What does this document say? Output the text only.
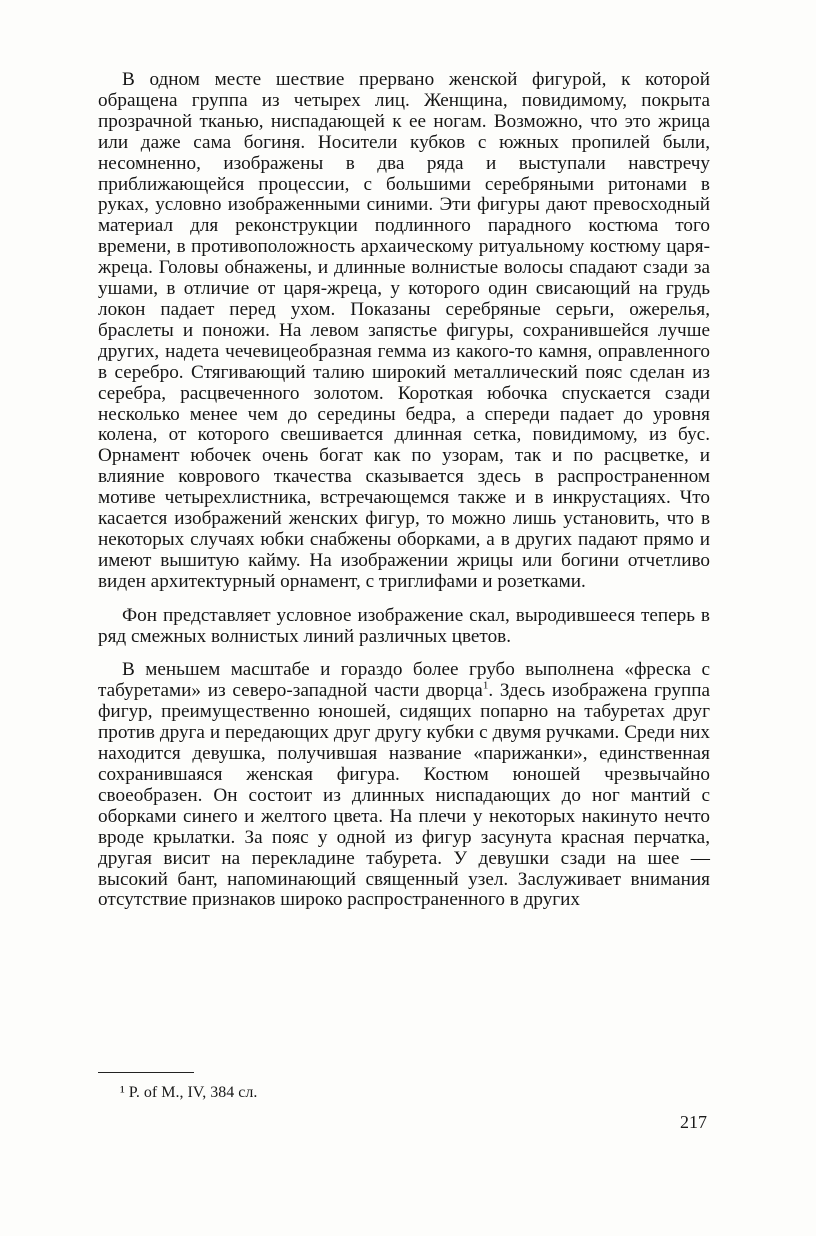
В одном месте шествие прервано женской фигурой, к которой обращена группа из четырех лиц. Женщина, повидимому, покрыта прозрачной тканью, ниспадающей к ее ногам. Возможно, что это жрица или даже сама богиня. Носители кубков с южных пропилей были, несомненно, изображены в два ряда и выступали навстречу приближающейся процессии, с большими серебряными ритонами в руках, условно изображенными синими. Эти фигуры дают превосходный материал для реконструкции подлинного парадного костюма того времени, в противоположность архаическому ритуальному костюму царя-жреца. Головы обнажены, и длинные волнистые волосы спадают сзади за ушами, в отличие от царя-жреца, у которого один свисающий на грудь локон падает перед ухом. Показаны серебряные серьги, ожерелья, браслеты и поножи. На левом запястье фигуры, сохранившейся лучше других, надета чечевицеобразная гемма из какого-то камня, оправленного в серебро. Стягивающий талию широкий металлический пояс сделан из серебра, расцвеченного золотом. Короткая юбочка спускается сзади несколько менее чем до середины бедра, а спереди падает до уровня колена, от которого свешивается длинная сетка, повидимому, из бус. Орнамент юбочек очень богат как по узорам, так и по расцветке, и влияние коврового ткачества сказывается здесь в распространенном мотиве четырехлистника, встречающемся также и в инкрустациях. Что касается изображений женских фигур, то можно лишь установить, что в некоторых случаях юбки снабжены оборками, а в других падают прямо и имеют вышитую кайму. На изображении жрицы или богини отчетливо виден архитектурный орнамент, с триглифами и розетками.

Фон представляет условное изображение скал, выродившееся теперь в ряд смежных волнистых линий различных цветов.

В меньшем масштабе и гораздо более грубо выполнена «фреска с табуретами» из северо-западной части дворца$^1$. Здесь изображена группа фигур, преимущественно юношей, сидящих попарно на табуретах друг против друга и передающих друг другу кубки с двумя ручками. Среди них находится девушка, получившая название «парижанки», единственная сохранившаяся женская фигура. Костюм юношей чрезвычайно своеобразен. Он состоит из длинных ниспадающих до ног мантий с оборками синего и желтого цвета. На плечи у некоторых накинуто нечто вроде крылатки. За пояс у одной из фигур засунута красная перчатка, другая висит на перекладине табурета. У девушки сзади на шее — высокий бант, напоминающий священный узел. Заслуживает внимания отсутствие признаков широко распространенного в других

¹ P. of M., IV, 384 сл.
217
